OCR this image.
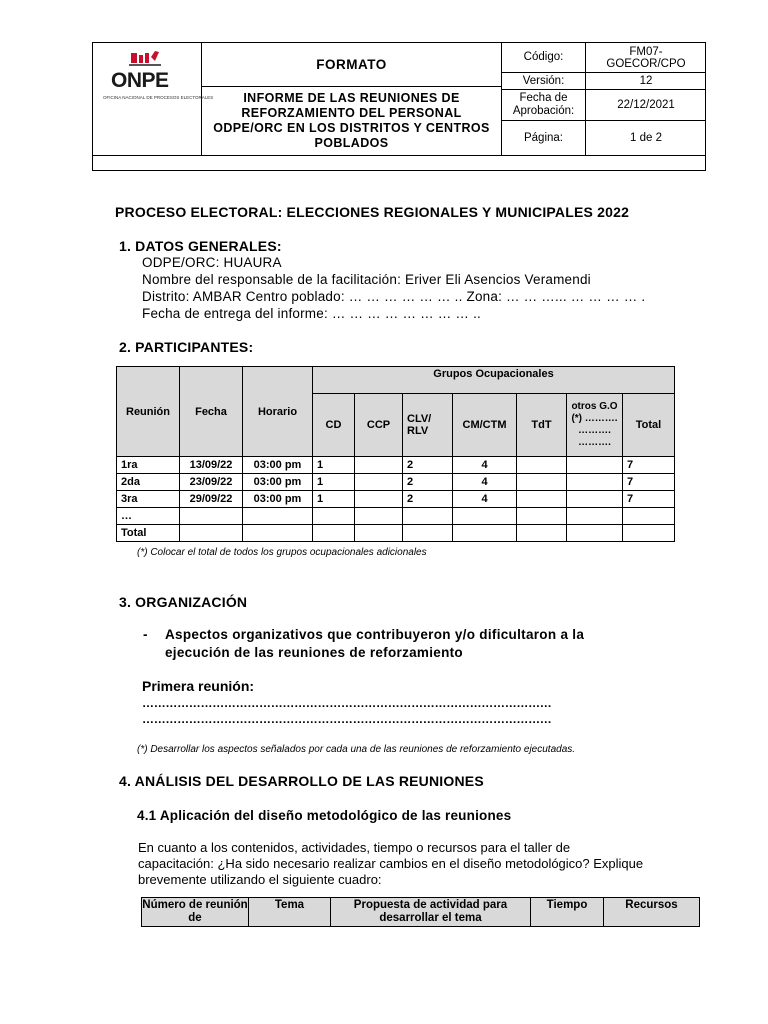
ONPE
OFICINA NACIONAL DE PROCESOS ELECTORALES
FORMATO
INFORME DE LAS REUNIONES DE REFORZAMIENTO DEL PERSONAL ODPE/ORC EN LOS DISTRITOS Y CENTROS POBLADOS
Código:	FM07-GOECOR/CPO
Versión:	12
Fecha de Aprobación:	22/12/2021
Página:	1 de 2
PROCESO ELECTORAL: ELECCIONES REGIONALES Y MUNICIPALES 2022
1. DATOS GENERALES:
ODPE/ORC: HUAURA
Nombre del responsable de la facilitación: Eriver Eli Asencios Veramendi
Distrito: AMBAR Centro poblado: … … … … … … .. Zona: … … …... … … … … .
Fecha de entrega del informe: … … … … … … … … ..
2. PARTICIPANTES:
Reunión	Fecha	Horario	Grupos Ocupacionales						
			CD	CCP	CLV/ RLV	CM/CTM	TdT	otros G.O (*) ………. ………. ……….	Total
1ra	13/09/22	03:00 pm	1		2	4			7
2da	23/09/22	03:00 pm	1		2	4			7
3ra	29/09/22	03:00 pm	1		2	4			7
…									
Total									
(*) Colocar el total de todos los grupos ocupacionales adicionales
3. ORGANIZACIÓN
- Aspectos organizativos que contribuyeron y/o dificultaron a la
ejecución de las reuniones de reforzamiento
Primera reunión:
……………………………………………………………………………………………
……………………………………………………………………………………………
(*) Desarrollar los aspectos señalados por cada una de las reuniones de reforzamiento ejecutadas.
4. ANÁLISIS DEL DESARROLLO DE LAS REUNIONES
4.1 Aplicación del diseño metodológico de las reuniones
En cuanto a los contenidos, actividades, tiempo o recursos para el taller de
capacitación: ¿Ha sido necesario realizar cambios en el diseño metodológico? Explique
brevemente utilizando el siguiente cuadro:
Número de reunión de	Tema	Propuesta de actividad para desarrollar el tema	Tiempo	Recursos
